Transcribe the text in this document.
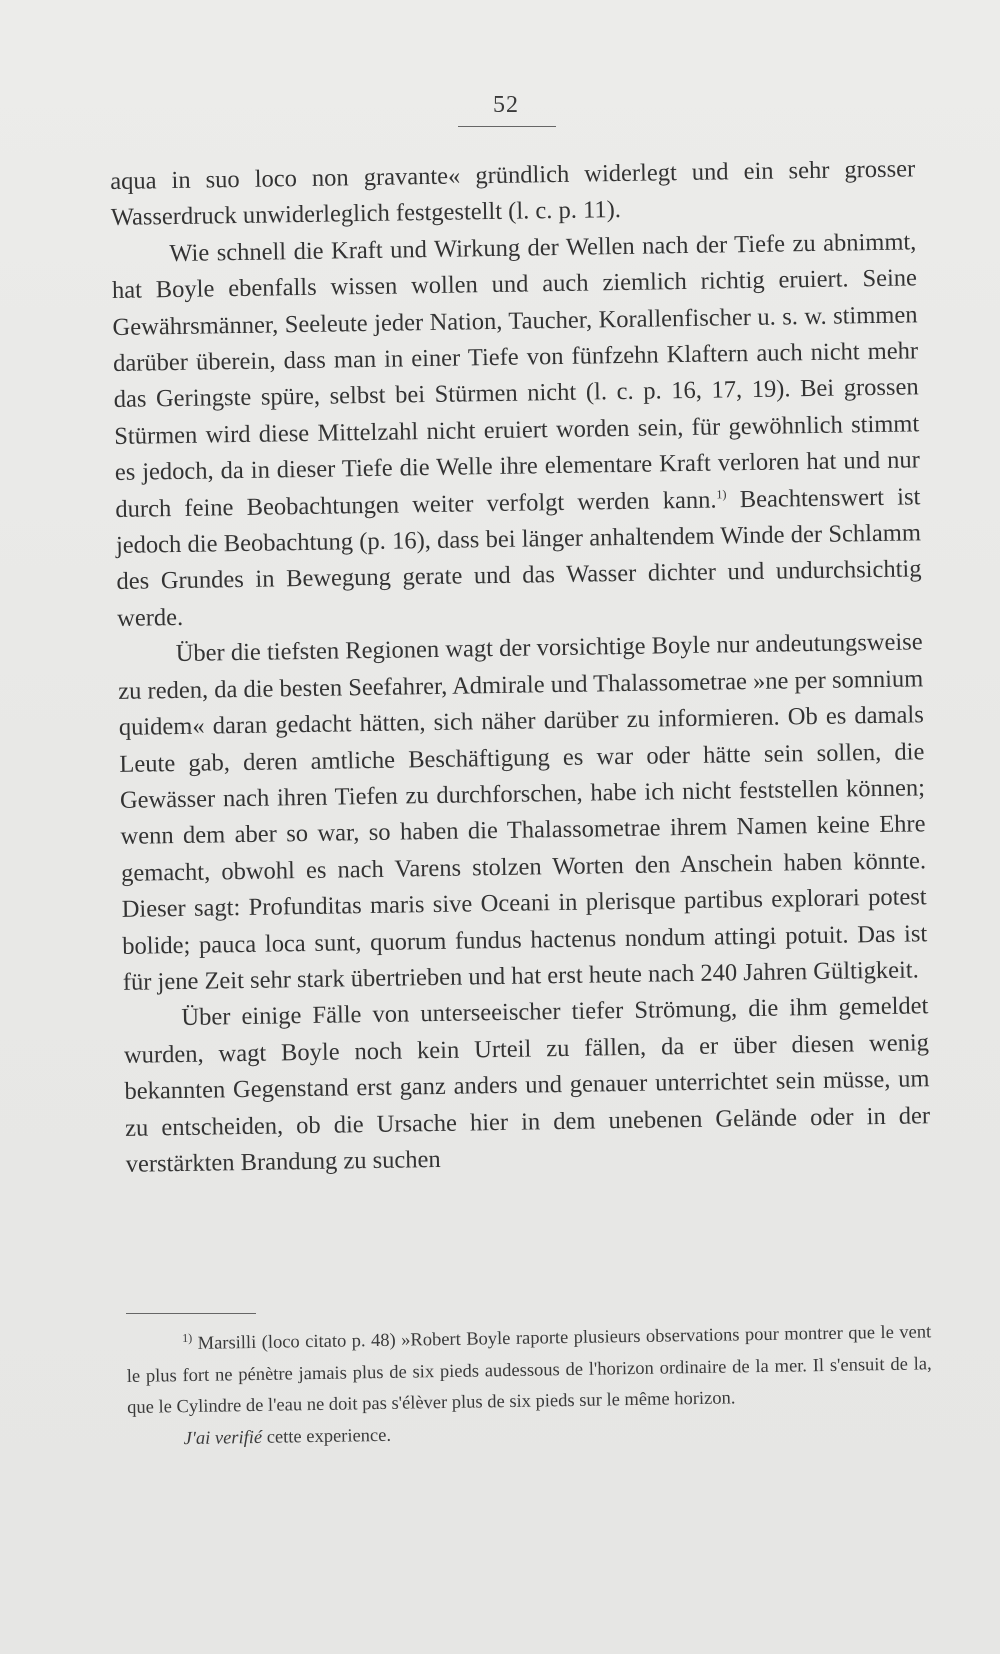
52

aqua in suo loco non gravante« gründlich widerlegt und ein sehr grosser Wasserdruck unwiderleglich festgestellt (l. c. p. 11).

Wie schnell die Kraft und Wirkung der Wellen nach der Tiefe zu abnimmt, hat Boyle ebenfalls wissen wollen und auch ziemlich richtig eruiert. Seine Gewährsmänner, Seeleute jeder Nation, Taucher, Korallenfischer u. s. w. stimmen darüber überein, dass man in einer Tiefe von fünfzehn Klaftern auch nicht mehr das Geringste spüre, selbst bei Stürmen nicht (l. c. p. 16, 17, 19). Bei grossen Stürmen wird diese Mittelzahl nicht eruiert worden sein, für gewöhnlich stimmt es jedoch, da in dieser Tiefe die Welle ihre elementare Kraft verloren hat und nur durch feine Beobachtungen weiter verfolgt werden kann.$^{1)}$ Beachtenswert ist jedoch die Beobachtung (p. 16), dass bei länger anhaltendem Winde der Schlamm des Grundes in Bewegung gerate und das Wasser dichter und undurchsichtig werde.

Über die tiefsten Regionen wagt der vorsichtige Boyle nur andeutungsweise zu reden, da die besten Seefahrer, Admirale und Thalassometrae »ne per somnium quidem« daran gedacht hätten, sich näher darüber zu informieren. Ob es damals Leute gab, deren amtliche Beschäftigung es war oder hätte sein sollen, die Gewässer nach ihren Tiefen zu durchforschen, habe ich nicht feststellen können; wenn dem aber so war, so haben die Thalassometrae ihrem Namen keine Ehre gemacht, obwohl es nach Varens stolzen Worten den Anschein haben könnte. Dieser sagt: Profunditas maris sive Oceani in plerisque partibus explorari potest bolide; pauca loca sunt, quorum fundus hactenus nondum attingi potuit. Das ist für jene Zeit sehr stark übertrieben und hat erst heute nach 240 Jahren Gültigkeit.

Über einige Fälle von unterseeischer tiefer Strömung, die ihm gemeldet wurden, wagt Boyle noch kein Urteil zu fällen, da er über diesen wenig bekannten Gegenstand erst ganz anders und genauer unterrichtet sein müsse, um zu entscheiden, ob die Ursache hier in dem unebenen Gelände oder in der verstärkten Brandung zu suchen

$^{1)}$ Marsilli (loco citato p. 48) »Robert Boyle raporte plusieurs observations pour montrer que le vent le plus fort ne pénètre jamais plus de six pieds audessous de l'horizon ordinaire de la mer. Il s'ensuit de la, que le Cylindre de l'eau ne doit pas s'élèver plus de six pieds sur le même horizon.

J'ai verifié cette experience.
